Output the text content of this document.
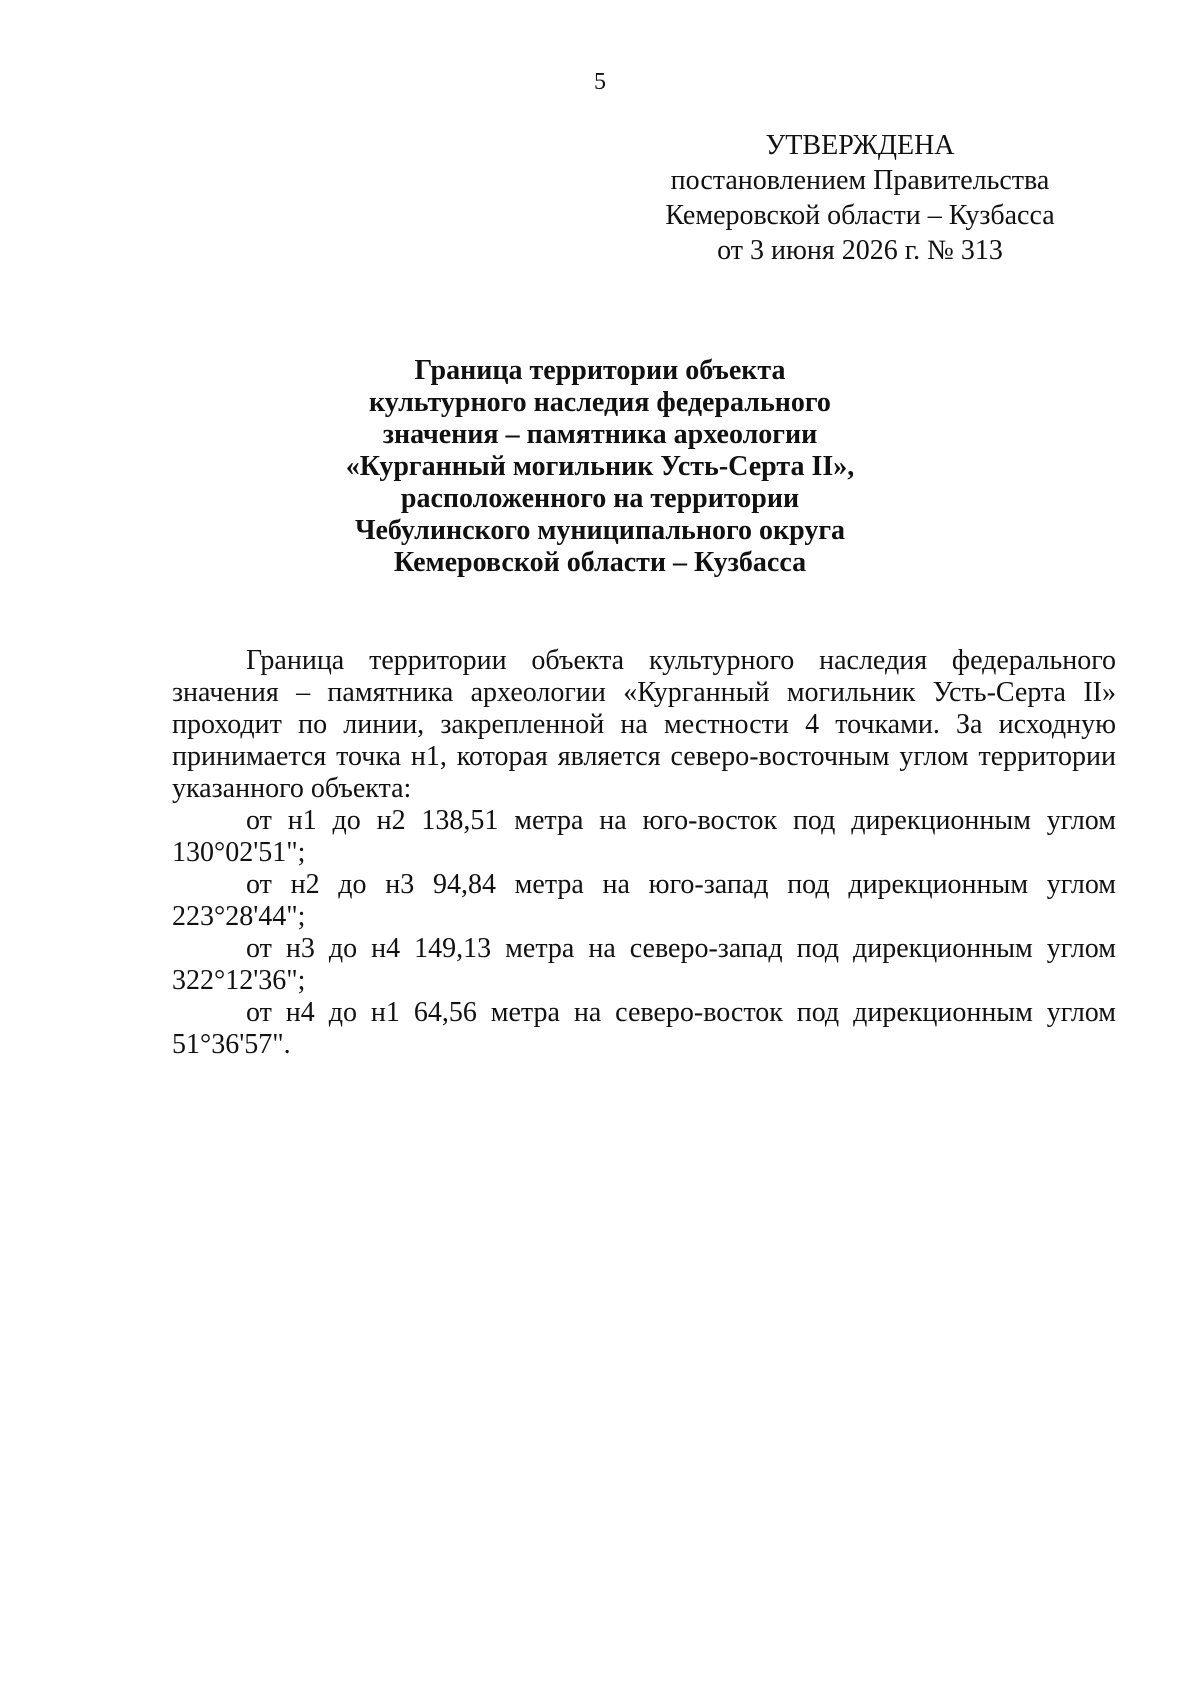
5
УТВЕРЖДЕНА
постановлением Правительства
Кемеровской области – Кузбасса
от 3 июня 2026 г. № 313
Граница территории объекта
культурного наследия федерального
значения – памятника археологии
«Курганный могильник Усть-Серта II»,
расположенного на территории
Чебулинского муниципального округа
Кемеровской области – Кузбасса

Граница территории объекта культурного наследия федерального значения – памятника археологии «Курганный могильник Усть-Серта II» проходит по линии, закрепленной на местности 4 точками. За исходную принимается точка н1, которая является северо-восточным углом территории указанного объекта:

от н1 до н2 138,51 метра на юго-восток под дирекционным углом 130°02'51";

от н2 до н3 94,84 метра на юго-запад под дирекционным углом 223°28'44";

от н3 до н4 149,13 метра на северо-запад под дирекционным углом 322°12'36";

от н4 до н1 64,56 метра на северо-восток под дирекционным углом 51°36'57".
